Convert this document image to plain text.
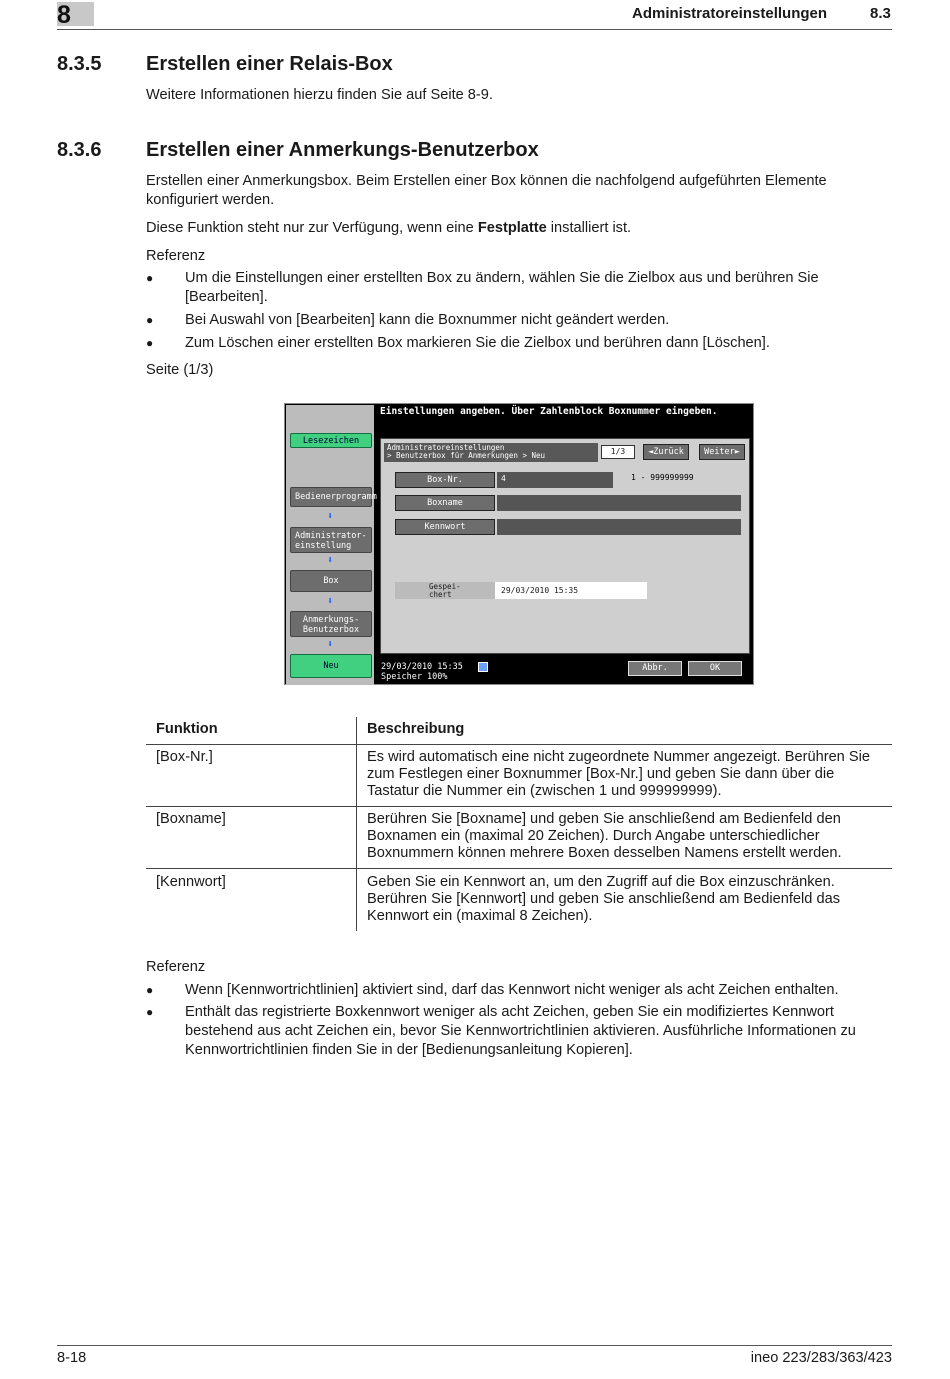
8	Administratoreinstellungen	8.3
8.3.5 Erstellen einer Relais-Box
Weitere Informationen hierzu finden Sie auf Seite 8-9.
8.3.6 Erstellen einer Anmerkungs-Benutzerbox
Erstellen einer Anmerkungsbox. Beim Erstellen einer Box können die nachfolgend aufgeführten Elemente konfiguriert werden.
Diese Funktion steht nur zur Verfügung, wenn eine Festplatte installiert ist.
Referenz
● Um die Einstellungen einer erstellten Box zu ändern, wählen Sie die Zielbox aus und berühren Sie [Bearbeiten].
● Bei Auswahl von [Bearbeiten] kann die Boxnummer nicht geändert werden.
● Zum Löschen einer erstellten Box markieren Sie die Zielbox und berühren dann [Löschen].
Seite (1/3)
Einstellungen angeben. Über Zahlenblock Boxnummer eingeben.
Lesezeichen
Bedienerprogramm
⬇
Administrator-
einstellung
⬇
Box
⬇
Anmerkungs-
Benutzerbox
⬇
Neu
Administratoreinstellungen
> Benutzerbox für Anmerkungen > Neu	1/3	◄Zurück	Weiter►
Box-Nr.	4	1 - 999999999
Boxname
Kennwort
Gespei-
chert	29/03/2010 15:35
29/03/2010 15:35
Speicher 100%
Abbr.	OK
Funktion	Beschreibung
[Box-Nr.]	Es wird automatisch eine nicht zugeordnete Nummer angezeigt. Berühren Sie zum Festlegen einer Boxnummer [Box-Nr.] und geben Sie dann über die Tastatur die Nummer ein (zwischen 1 und 999999999).
[Boxname]	Berühren Sie [Boxname] und geben Sie anschließend am Bedienfeld den Boxnamen ein (maximal 20 Zeichen). Durch Angabe unterschiedlicher Boxnummern können mehrere Boxen desselben Namens erstellt werden.
[Kennwort]	Geben Sie ein Kennwort an, um den Zugriff auf die Box einzuschränken. Berühren Sie [Kennwort] und geben Sie anschließend am Bedienfeld das Kennwort ein (maximal 8 Zeichen).
Referenz
● Wenn [Kennwortrichtlinien] aktiviert sind, darf das Kennwort nicht weniger als acht Zeichen enthalten.
● Enthält das registrierte Boxkennwort weniger als acht Zeichen, geben Sie ein modifiziertes Kennwort bestehend aus acht Zeichen ein, bevor Sie Kennwortrichtlinien aktivieren. Ausführliche Informationen zu Kennwortrichtlinien finden Sie in der [Bedienungsanleitung Kopieren].
8-18	ineo 223/283/363/423
